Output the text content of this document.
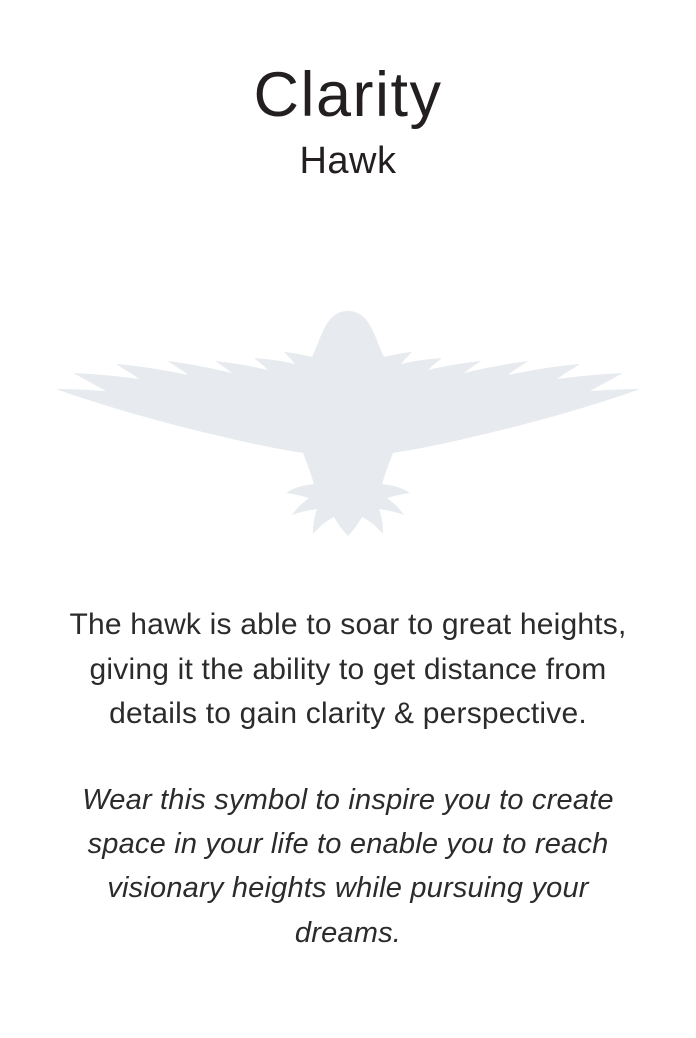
Clarity
Hawk
The hawk is able to soar to great heights,
giving it the ability to get distance from
details to gain clarity & perspective.
Wear this symbol to inspire you to create
space in your life to enable you to reach
visionary heights while pursuing your
dreams.
